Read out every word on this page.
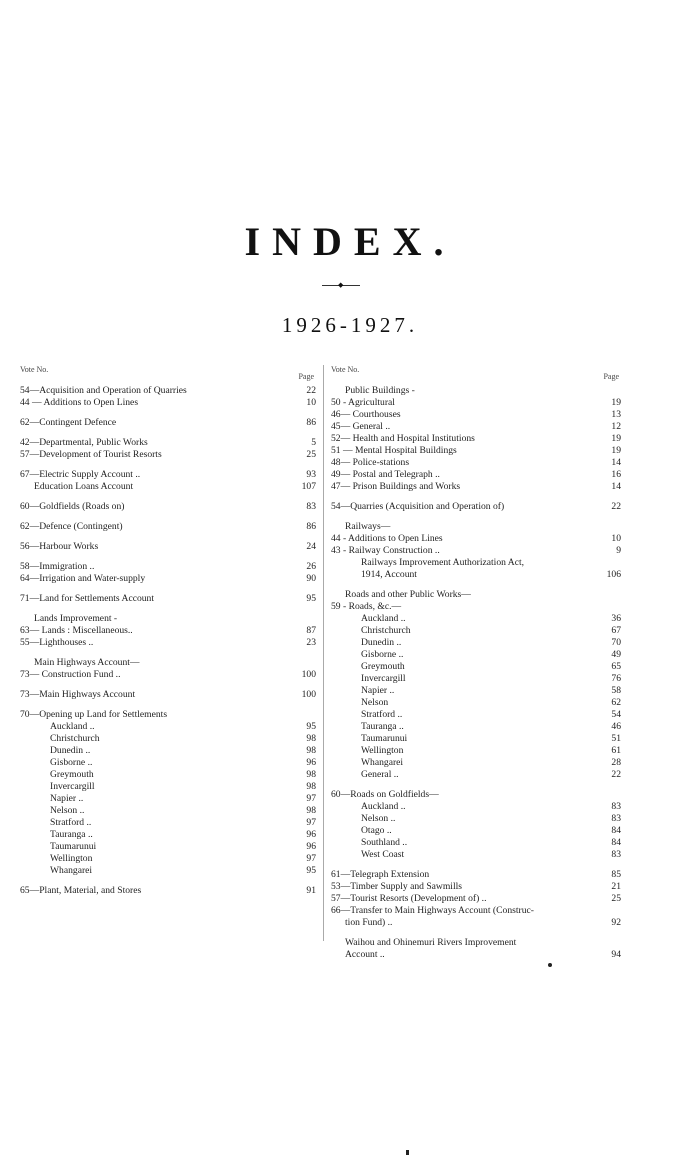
INDEX.
◆
1926-1927.
Vote No.
Page
54—Acquisition and Operation of Quarries	22
44 — Additions to Open Lines	10
62—Contingent Defence	86
42—Departmental, Public Works	5
57—Development of Tourist Resorts	25
67—Electric Supply Account ..	93
Education Loans Account	107
60—Goldfields (Roads on)	83
62—Defence (Contingent)	86
56—Harbour Works	24
58—Immigration ..	26
64—Irrigation and Water-supply	90
71—Land for Settlements Account	95
Lands Improvement -
63— Lands : Miscellaneous..	87
55—Lighthouses ..	23
Main Highways Account—
73— Construction Fund ..	100
73—Main Highways Account	100
70—Opening up Land for Settlements
Auckland ..	95
Christchurch	98
Dunedin ..	98
Gisborne ..	96
Greymouth	98
Invercargill	98
Napier ..	97
Nelson ..	98
Stratford ..	97
Tauranga ..	96
Taumarunui	96
Wellington	97
Whangarei	95
65—Plant, Material, and Stores	91
Vote No.
Page
Public Buildings -
50 - Agricultural	19
46— Courthouses	13
45— General ..	12
52— Health and Hospital Institutions	19
51 — Mental Hospital Buildings	19
48— Police-stations	14
49— Postal and Telegraph ..	16
47— Prison Buildings and Works	14
54—Quarries (Acquisition and Operation of)	22
Railways—
44 - Additions to Open Lines	10
43 - Railway Construction ..	9
Railways Improvement Authorization Act,
1914, Account	106
Roads and other Public Works—
59 - Roads, &c.—
Auckland ..	36
Christchurch	67
Dunedin ..	70
Gisborne ..	49
Greymouth	65
Invercargill	76
Napier ..	58
Nelson	62
Stratford ..	54
Tauranga ..	46
Taumarunui	51
Wellington	61
Whangarei	28
General ..	22
60—Roads on Goldfields—
Auckland ..	83
Nelson ..	83
Otago ..	84
Southland ..	84
West Coast	83
61—Telegraph Extension	85
53—Timber Supply and Sawmills	21
57—Tourist Resorts (Development of) ..	25
66—Transfer to Main Highways Account (Construc-
tion Fund) ..	92
Waihou and Ohinemuri Rivers Improvement
Account ..	94
